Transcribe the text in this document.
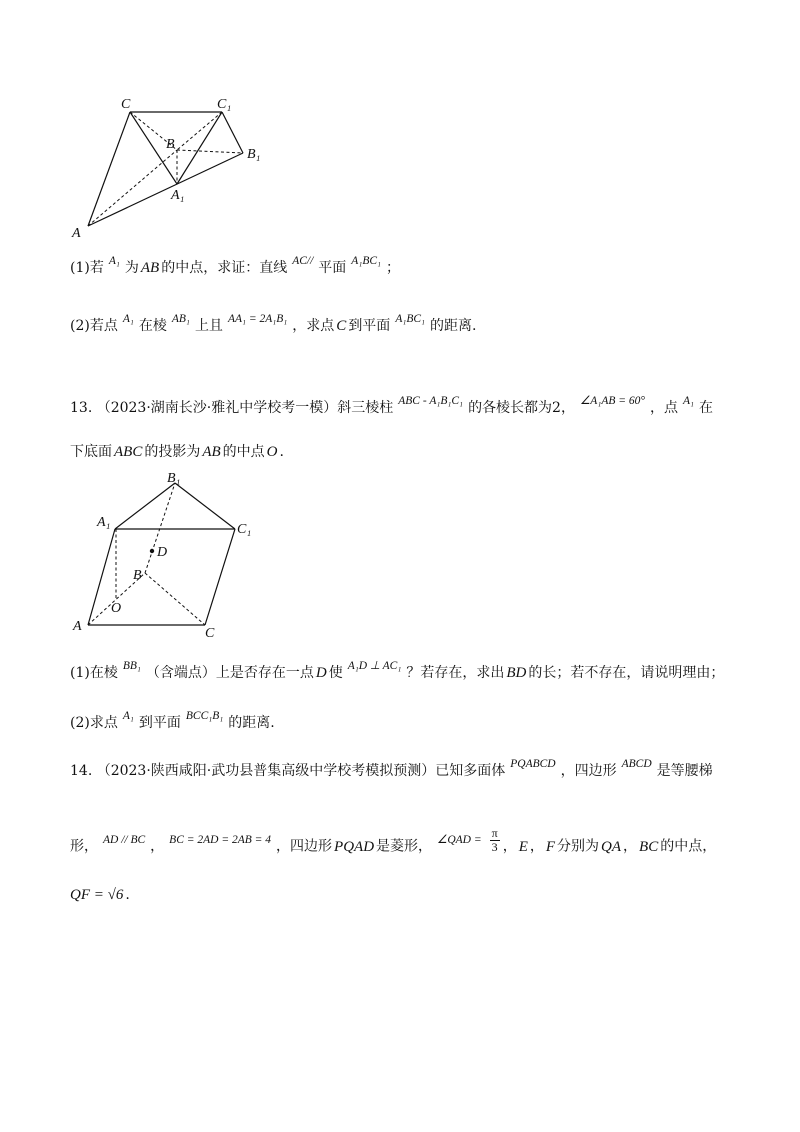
C	C₁
B
B₁
A₁
A
(1)若 $^{A_1}$ 为 AB 的中点，求证：直线 $^{AC//}$ 平面 $^{A_1BC_1}$ ；
(2)若点 $^{A_1}$ 在棱 $^{AB_1}$ 上且 $^{AA_1 = 2A_1B_1}$ ，求点 C 到平面 $^{A_1BC_1}$ 的距离.
13. （2023·湖南长沙·雅礼中学校考一模）斜三棱柱 $^{ABC - A_1B_1C_1}$ 的各棱长都为2， $^{\angle A_1AB = 60^\circ}$ ，点 $^{A_1}$ 在
下底面 ABC 的投影为 AB 的中点 O .
B₁
A₁	C₁
D
B
O
A	C
(1)在棱 $^{BB_1}$ （含端点）上是否存在一点 D 使 $^{A_1D \perp AC_1}$ ？若存在，求出 BD 的长；若不存在，请说明理由；
(2)求点 $^{A_1}$ 到平面 $^{BCC_1B_1}$ 的距离.
14. （2023·陕西咸阳·武功县普集高级中学校考模拟预测）已知多面体 $^{PQABCD}$ ，四边形 $^{ABCD}$ 是等腰梯
形， $^{AD // BC}$ ， $^{BC = 2AD = 2AB = 4}$ ，四边形 PQAD 是菱形， $^{\angle QAD =} \frac{\pi}{3}$ ， E ， F 分别为 QA ， BC 的中点，
QF = √6 .
